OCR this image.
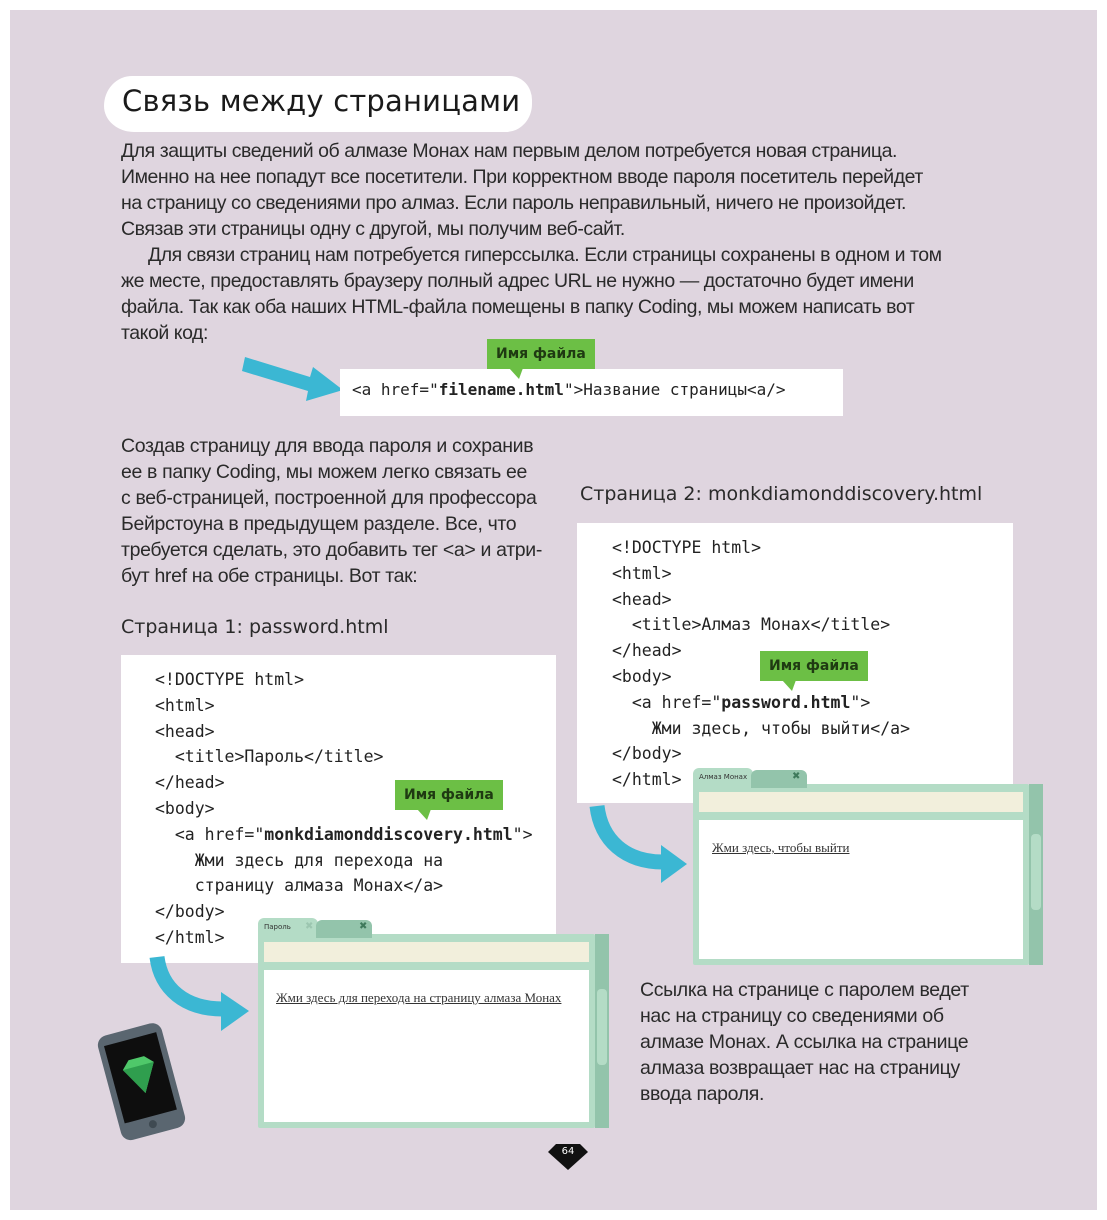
Связь между страницами
Для защиты сведений об алмазе Монах нам первым делом потребуется новая страница.
Именно на нее попадут все посетители. При корректном вводе пароля посетитель перейдет
на страницу со сведениями про алмаз. Если пароль неправильный, ничего не произойдет.
Связав эти страницы одну с другой, мы получим веб-сайт.
Для связи страниц нам потребуется гиперссылка. Если страницы сохранены в одном и том
же месте, предоставлять браузеру полный адрес URL не нужно — достаточно будет имени
файла. Так как оба наших HTML-файла помещены в папку Coding, мы можем написать вот
такой код:
Имя файла
<a href="filename.html">Название страницы<a/>
Создав страницу для ввода пароля и сохранив
ее в папку Coding, мы можем легко связать ее
с веб-страницей, построенной для профессора
Бейрстоуна в предыдущем разделе. Все, что
требуется сделать, это добавить тег <a> и атри-
бут href на обе страницы. Вот так:
Страница 2: monkdiamonddiscovery.html
<!DOCTYPE html>
<html>
<head>
<title>Алмаз Монах</title>
</head>
<body>
<a href="password.html">
Жми здесь, чтобы выйти</a>
</body>
</html>
Имя файла
Страница 1: password.html
<!DOCTYPE html>
<html>
<head>
<title>Пароль</title>
</head>
<body>
<a href="monkdiamonddiscovery.html">
Жми здесь для перехода на
страницу алмаза Монах</a>
</body>
</html>
Имя файла
Алмаз Монах	✖
Жми здесь, чтобы выйти
Пароль	✖	✖
Жми здесь для перехода на страницу алмаза Монах	Ссылка на странице с паролем ведет
нас на страницу со сведениями об
алмазе Монах. А ссылка на странице
алмаза возвращает нас на страницу
ввода пароля.
64
